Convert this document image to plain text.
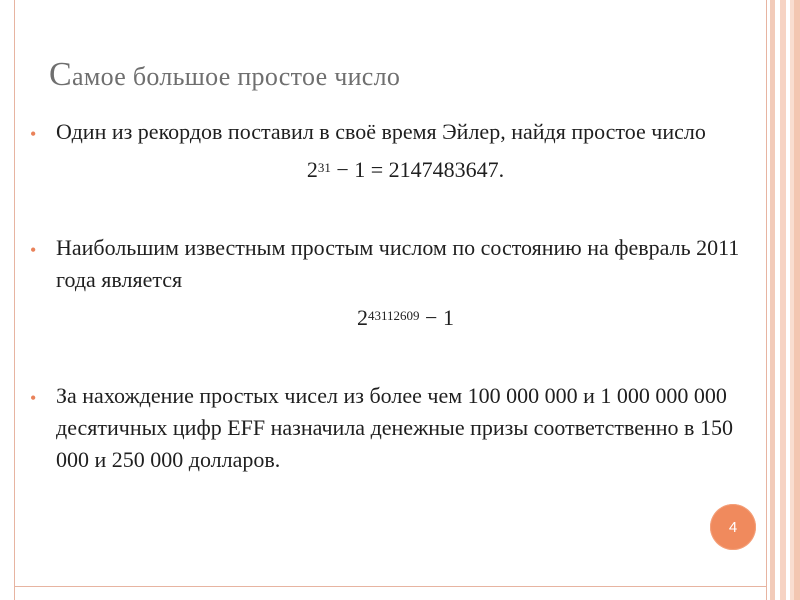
Самое большое простое число
• Один из рекордов поставил в своё время Эйлер, найдя простое число
$2^{31} - 1 = 2147483647$.
• Наибольшим известным простым числом по состоянию на февраль 2011 года является
$2^{43112609} - 1$
• За нахождение простых чисел из более чем 100 000 000 и 1 000 000 000 десятичных цифр EFF назначила денежные призы соответственно в 150 000 и 250 000 долларов.
4
